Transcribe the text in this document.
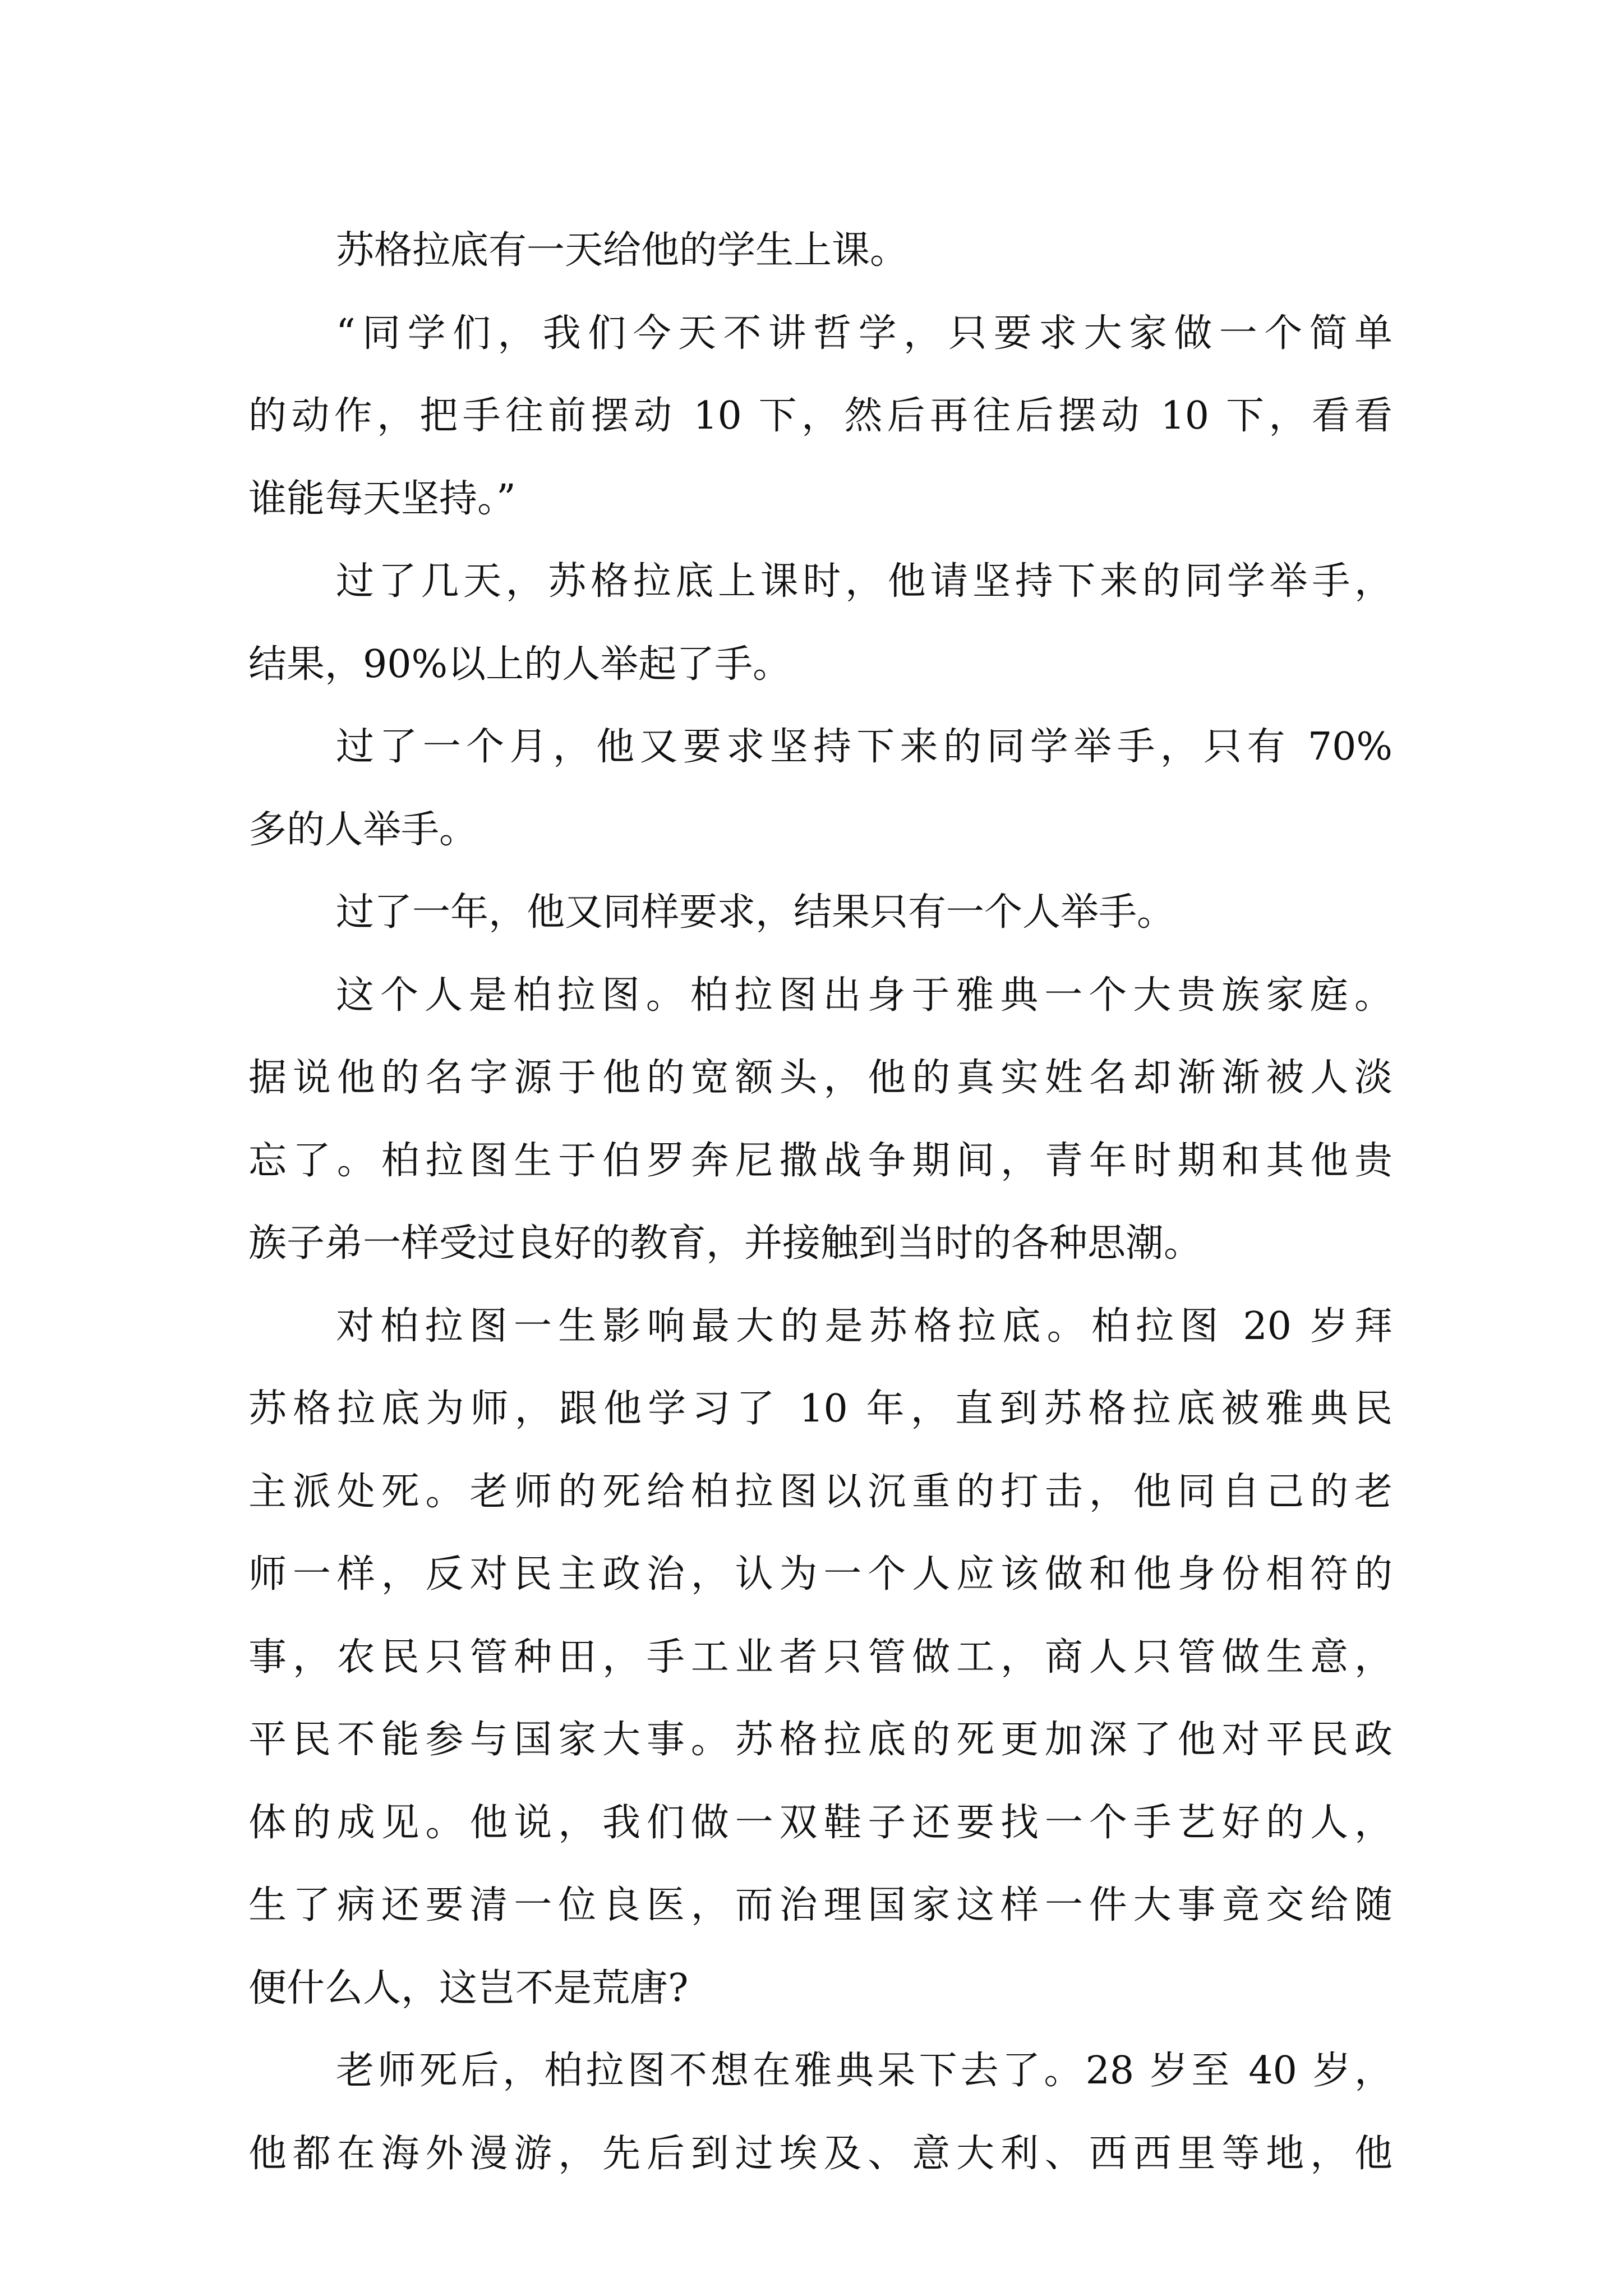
苏格拉底有一天给他的学生上课。
“同学们，我们今天不讲哲学，只要求大家做一个简单
的动作，把手往前摆动 10 下，然后再往后摆动 10 下，看看
谁能每天坚持。”
过了几天，苏格拉底上课时，他请坚持下来的同学举手，
结果，90%以上的人举起了手。
过了一个月，他又要求坚持下来的同学举手，只有 70%
多的人举手。
过了一年，他又同样要求，结果只有一个人举手。
这个人是柏拉图。柏拉图出身于雅典一个大贵族家庭。
据说他的名字源于他的宽额头，他的真实姓名却渐渐被人淡
忘了。柏拉图生于伯罗奔尼撒战争期间，青年时期和其他贵
族子弟一样受过良好的教育，并接触到当时的各种思潮。
对柏拉图一生影响最大的是苏格拉底。柏拉图 20 岁拜
苏格拉底为师，跟他学习了 10 年，直到苏格拉底被雅典民
主派处死。老师的死给柏拉图以沉重的打击，他同自己的老
师一样，反对民主政治，认为一个人应该做和他身份相符的
事，农民只管种田，手工业者只管做工，商人只管做生意，
平民不能参与国家大事。苏格拉底的死更加深了他对平民政
体的成见。他说，我们做一双鞋子还要找一个手艺好的人，
生了病还要清一位良医，而治理国家这样一件大事竟交给随
便什么人，这岂不是荒唐?
老师死后，柏拉图不想在雅典呆下去了。28 岁至 40 岁，
他都在海外漫游，先后到过埃及、意大利、西西里等地，他
